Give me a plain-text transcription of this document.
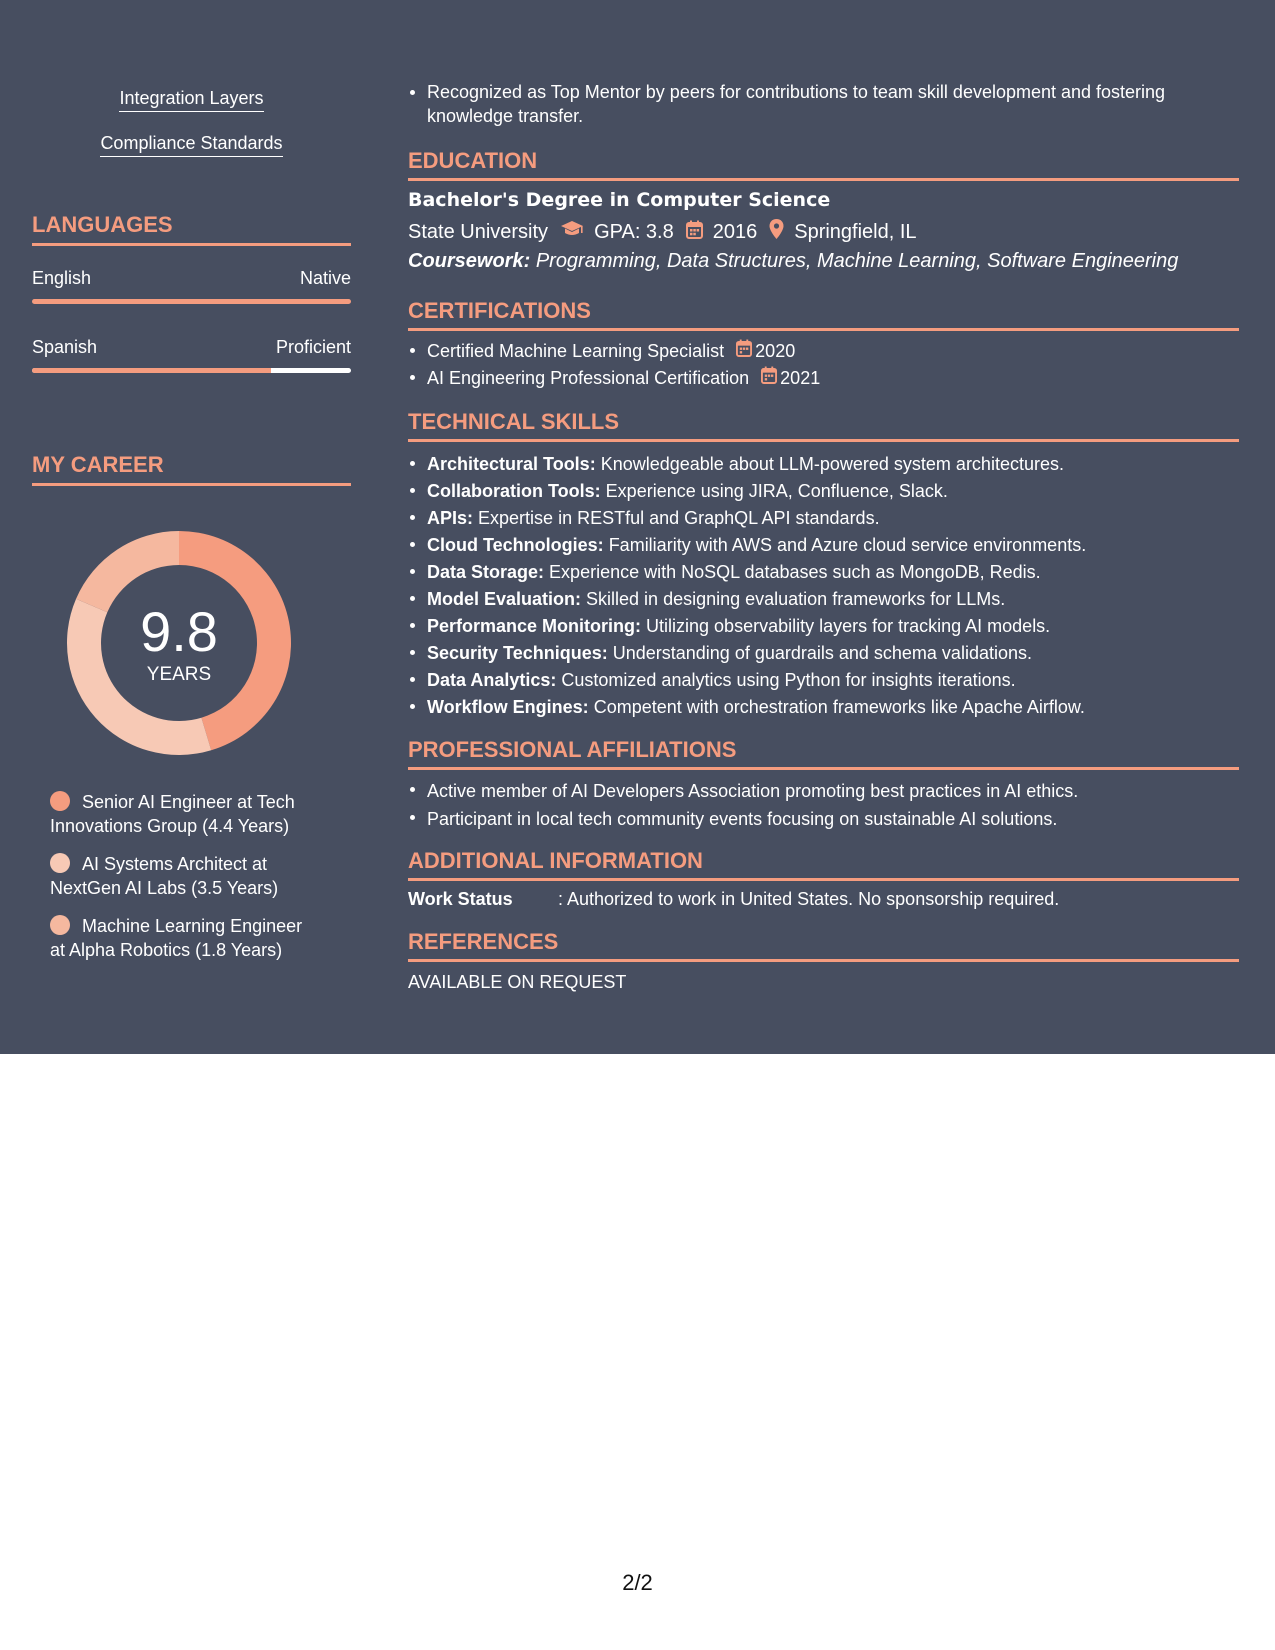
Integration Layers
Compliance Standards
LANGUAGES
English	Native
Spanish	Proficient
MY CAREER
9.8
YEARS
Senior AI Engineer at Tech Innovations Group (4.4 Years)
AI Systems Architect at NextGen AI Labs (3.5 Years)
Machine Learning Engineer at Alpha Robotics (1.8 Years)
Recognized as Top Mentor by peers for contributions to team skill development and fostering knowledge transfer.
EDUCATION
Bachelor's Degree in Computer Science
State University GPA: 3.8 2016 Springfield, IL
Coursework: Programming, Data Structures, Machine Learning, Software Engineering
CERTIFICATIONS
Certified Machine Learning Specialist 2020
AI Engineering Professional Certification 2021
TECHNICAL SKILLS
Architectural Tools: Knowledgeable about LLM-powered system architectures.
Collaboration Tools: Experience using JIRA, Confluence, Slack.
APIs: Expertise in RESTful and GraphQL API standards.
Cloud Technologies: Familiarity with AWS and Azure cloud service environments.
Data Storage: Experience with NoSQL databases such as MongoDB, Redis.
Model Evaluation: Skilled in designing evaluation frameworks for LLMs.
Performance Monitoring: Utilizing observability layers for tracking AI models.
Security Techniques: Understanding of guardrails and schema validations.
Data Analytics: Customized analytics using Python for insights iterations.
Workflow Engines: Competent with orchestration frameworks like Apache Airflow.
PROFESSIONAL AFFILIATIONS
Active member of AI Developers Association promoting best practices in AI ethics.
Participant in local tech community events focusing on sustainable AI solutions.
ADDITIONAL INFORMATION
Work Status	: Authorized to work in United States. No sponsorship required.
REFERENCES
AVAILABLE ON REQUEST
2/2
